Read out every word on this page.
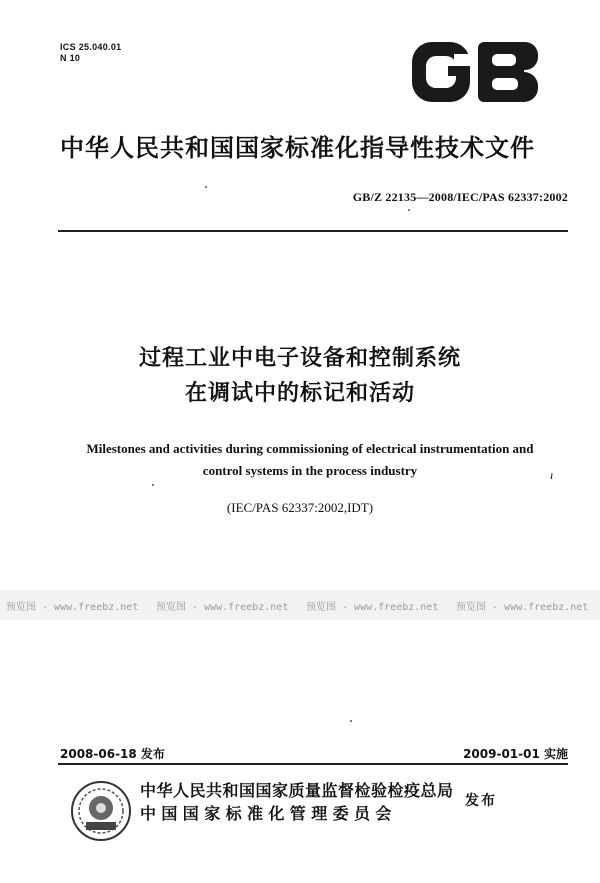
ICS 25.040.01
N 10
中华人民共和国国家标准化指导性技术文件
GB/Z 22135—2008/IEC/PAS 62337:2002
过程工业中电子设备和控制系统
在调试中的标记和活动
Milestones and activities during commissioning of electrical instrumentation and
control systems in the process industry	ı
(IEC/PAS 62337:2002,IDT)
预览图 - www.freebz.net 预览图 - www.freebz.net 预览图 - www.freebz.net 预览图 - www.freebz.net
2008-06-18 发布	2009-01-01 实施
中华人民共和国国家质量监督检验检疫总局
中国国家标准化管理委员会
发布
